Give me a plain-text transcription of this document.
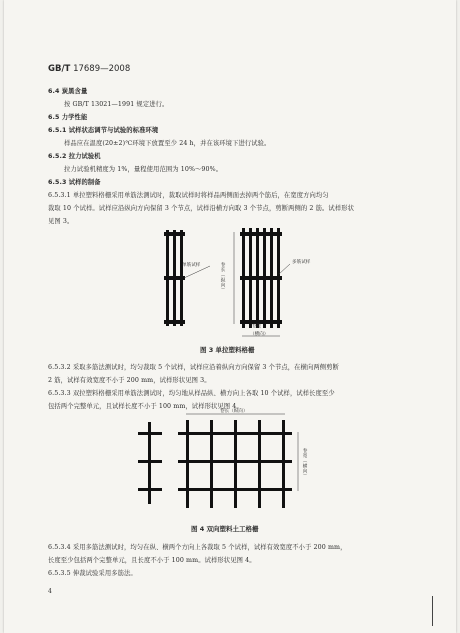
GB/T 17689—2008
6.4 炭黑含量
按 GB/T 13021—1991 规定进行。
6.5 力学性能
6.5.1 试样状态调节与试验的标准环境
样品应在温度(20±2)℃环境下放置至少 24 h，并在该环境下进行试验。
6.5.2 拉力试验机
拉力试验机精度为 1%，量程使用范围为 10%～90%。
6.5.3 试样的制备
6.5.3.1 单拉塑料格栅采用单筋法测试时，裁取试样时将样品两侧面去掉两个筋后，在宽度方向均匀
裁取 10 个试样。试样应沿纵向方向保留 3 个节点，试样沿横方向取 3 个节点，剪断两侧的 2 筋。试样形状
见图 3。
单筋试样
多筋试样
卷长（纵向）
卷宽
（横向）
图 3 单拉塑料格栅
6.5.3.2 采取多筋法测试时，均匀裁取 5 个试样，试样应沿着纵向方向保留 3 个节点，在横向两侧剪断
2 筋，试样有效宽度不小于 200 mm，试样形状见图 3。
6.5.3.3 双拉塑料格栅采用单筋法测试时，均匀地从样品纵、横方向上各取 10 个试样，试样长度至少
包括两个完整单元，且试样长度不小于 100 mm，试样形状见图 4。
卷长（纵向）
卷宽（横向）
图 4 双向塑料土工格栅
6.5.3.4 采用多筋法测试时，均匀在纵、横两个方向上各裁取 5 个试样，试样有效宽度不小于 200 mm，
长度至少包括两个完整单元，且长度不小于 100 mm。试样形状见图 4。
6.5.3.5 伸裁试验采用多筋法。
4
